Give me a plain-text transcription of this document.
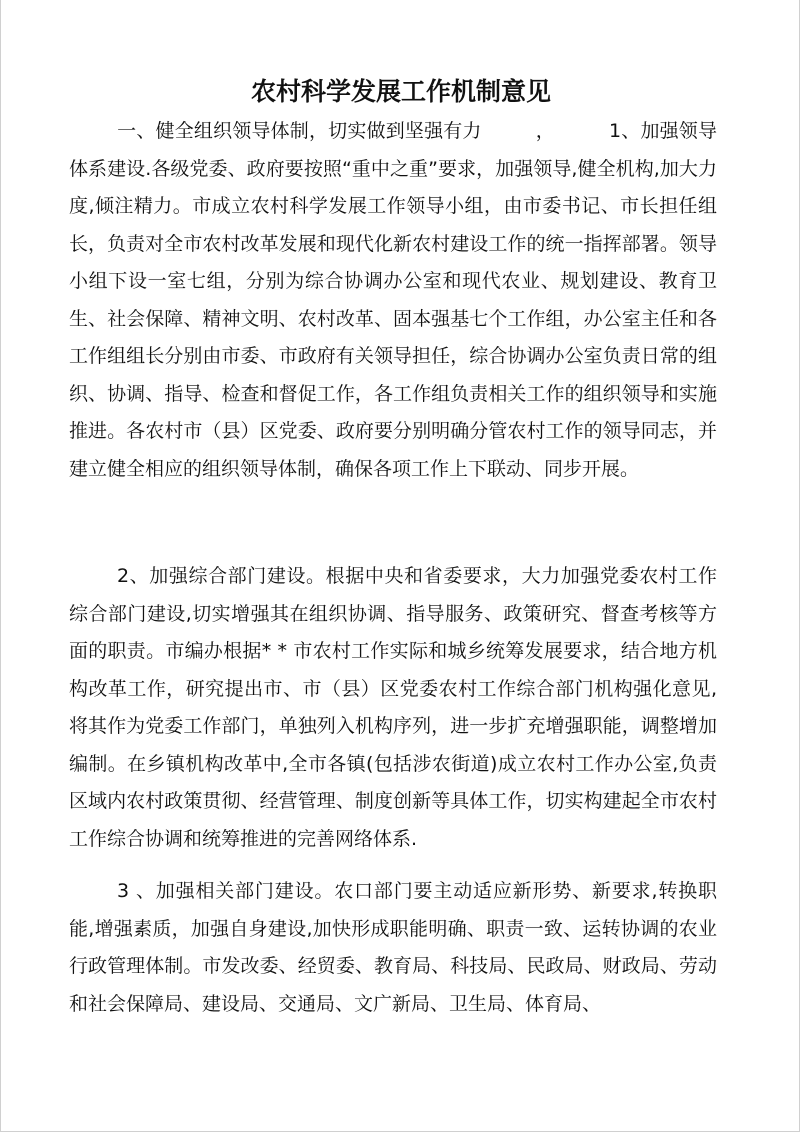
农村科学发展工作机制意见

一、健全组织领导体制，切实做到坚强有力	，	1、加强领导体系建设.各级党委、政府要按照“重中之重”要求，加强领导,健全机构,加大力度,倾注精力。市成立农村科学发展工作领导小组，由市委书记、市长担任组长，负责对全市农村改革发展和现代化新农村建设工作的统一指挥部署。领导小组下设一室七组，分别为综合协调办公室和现代农业、规划建设、教育卫生、社会保障、精神文明、农村改革、固本强基七个工作组，办公室主任和各工作组组长分别由市委、市政府有关领导担任，综合协调办公室负责日常的组织、协调、指导、检查和督促工作，各工作组负责相关工作的组织领导和实施推进。各农村市（县）区党委、政府要分别明确分管农村工作的领导同志，并建立健全相应的组织领导体制，确保各项工作上下联动、同步开展。

2、加强综合部门建设。根据中央和省委要求，大力加强党委农村工作综合部门建设,切实增强其在组织协调、指导服务、政策研究、督查考核等方面的职责。市编办根据* * 市农村工作实际和城乡统筹发展要求，结合地方机构改革工作，研究提出市、市（县）区党委农村工作综合部门机构强化意见,将其作为党委工作部门，单独列入机构序列，进一步扩充增强职能，调整增加编制。在乡镇机构改革中,全市各镇(包括涉农街道)成立农村工作办公室,负责区域内农村政策贯彻、经营管理、制度创新等具体工作，切实构建起全市农村工作综合协调和统筹推进的完善网络体系.

3 、加强相关部门建设。农口部门要主动适应新形势、新要求,转换职能,增强素质，加强自身建设,加快形成职能明确、职责一致、运转协调的农业行政管理体制。市发改委、经贸委、教育局、科技局、民政局、财政局、劳动和社会保障局、建设局、交通局、文广新局、卫生局、体育局、
